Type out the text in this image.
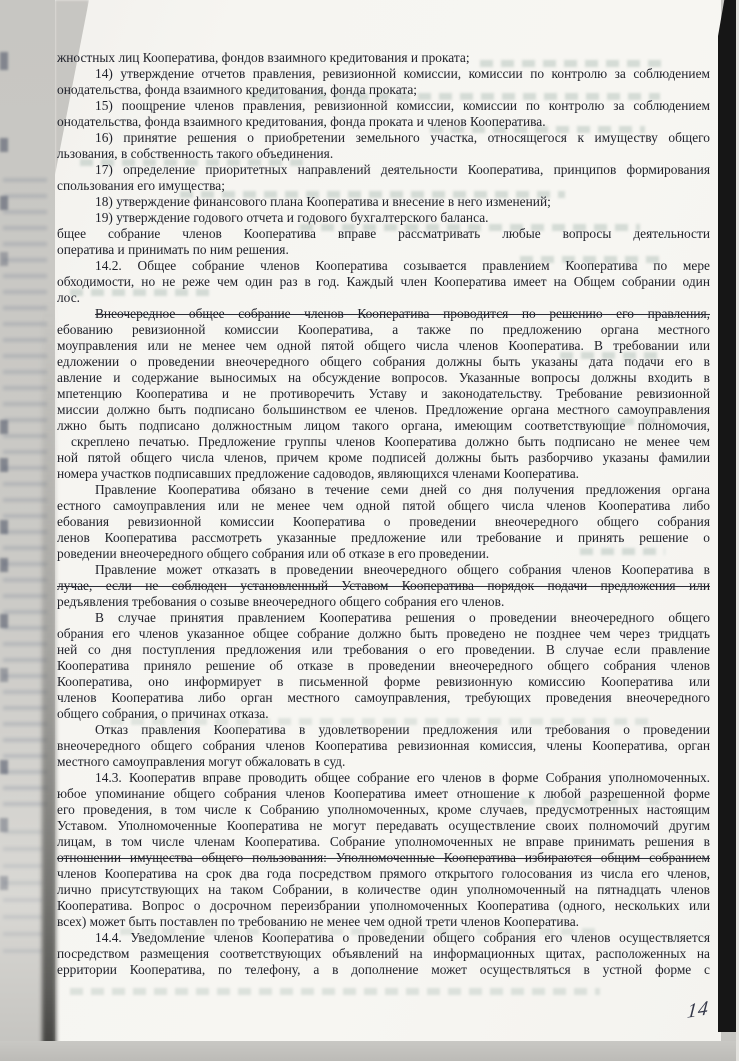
жностных лиц Кооператива, фондов взаимного кредитования и проката;
14) утверждение отчетов правления, ревизионной комиссии, комиссии по контролю за соблюдением
онодательства, фонда взаимного кредитования, фонда проката;
15) поощрение членов правления, ревизионной комиссии, комиссии по контролю за соблюдением
онодательства, фонда взаимного кредитования, фонда проката и членов Кооператива.
16) принятие решения о приобретении земельного участка, относящегося к имуществу общего
льзования, в собственность такого объединения.
17) определение приоритетных направлений деятельности Кооператива, принципов формирования
спользования его имущества;
18) утверждение финансового плана Кооператива и внесение в него изменений;
19) утверждение годового отчета и годового бухгалтерского баланса.
бщее собрание членов Кооператива вправе рассматривать любые вопросы деятельности
оператива и принимать по ним решения.
14.2. Общее собрание членов Кооператива созывается правлением Кооператива по мере
обходимости, но не реже чем один раз в год. Каждый член Кооператива имеет на Общем собрании один
лос.
Внеочередное общее собрание членов Кооператива проводится по решению его правления,
ебованию ревизионной комиссии Кооператива, а также по предложению органа местного
моуправления или не менее чем одной пятой общего числа членов Кооператива. В требовании или
едложении о проведении внеочередного общего собрания должны быть указаны дата подачи его в
авление и содержание выносимых на обсуждение вопросов. Указанные вопросы должны входить в
мпетенцию Кооператива и не противоречить Уставу и законодательству. Требование ревизионной
миссии должно быть подписано большинством ее членов. Предложение органа местного самоуправления
лжно быть подписано должностным лицом такого органа, имеющим соответствующие полномочия,
скреплено печатью. Предложение группы членов Кооператива должно быть подписано не менее чем
ной пятой общего числа членов, причем кроме подписей должны быть разборчиво указаны фамилии
номера участков подписавших предложение садоводов, являющихся членами Кооператива.
Правление Кооператива обязано в течение семи дней со дня получения предложения органа
естного самоуправления или не менее чем одной пятой общего числа членов Кооператива либо
ебования ревизионной комиссии Кооператива о проведении внеочередного общего собрания
ленов Кооператива рассмотреть указанные предложение или требование и принять решение о
роведении внеочередного общего собрания или об отказе в его проведении.
Правление может отказать в проведении внеочередного общего собрания членов Кооператива в
лучае, если не соблюден установленный Уставом Кооператива порядок подачи предложения или
редъявления требования о созыве внеочередного общего собрания его членов.
В случае принятия правлением Кооператива решения о проведении внеочередного общего
обрания его членов указанное общее собрание должно быть проведено не позднее чем через тридцать
ней со дня поступления предложения или требования о его проведении. В случае если правление
Кооператива приняло решение об отказе в проведении внеочередного общего собрания членов
Кооператива, оно информирует в письменной форме ревизионную комиссию Кооператива или
членов Кооператива либо орган местного самоуправления, требующих проведения внеочередного
общего собрания, о причинах отказа.
Отказ правления Кооператива в удовлетворении предложения или требования о проведении
внеочередного общего собрания членов Кооператива ревизионная комиссия, члены Кооператива, орган
местного самоуправления могут обжаловать в суд.
14.3. Кооператив вправе проводить общее собрание его членов в форме Собрания уполномоченных.
юбое упоминание общего собрания членов Кооператива имеет отношение к любой разрешенной форме
его проведения, в том числе к Собранию уполномоченных, кроме случаев, предусмотренных настоящим
Уставом. Уполномоченные Кооператива не могут передавать осуществление своих полномочий другим
лицам, в том числе членам Кооператива. Собрание уполномоченных не вправе принимать решения в
отношении имущества общего пользования: Уполномоченные Кооператива избираются общим собранием
членов Кооператива на срок два года посредством прямого открытого голосования из числа его членов,
лично присутствующих на таком Собрании, в количестве один уполномоченный на пятнадцать членов
Кооператива. Вопрос о досрочном переизбрании уполномоченных Кооператива (одного, нескольких или
всех) может быть поставлен по требованию не менее чем одной трети членов Кооператива.
14.4. Уведомление членов Кооператива о проведении общего собрания его членов осуществляется
посредством размещения соответствующих объявлений на информационных щитах, расположенных на
ерритории Кооператива, по телефону, а в дополнение может осуществляться в устной форме с
14
